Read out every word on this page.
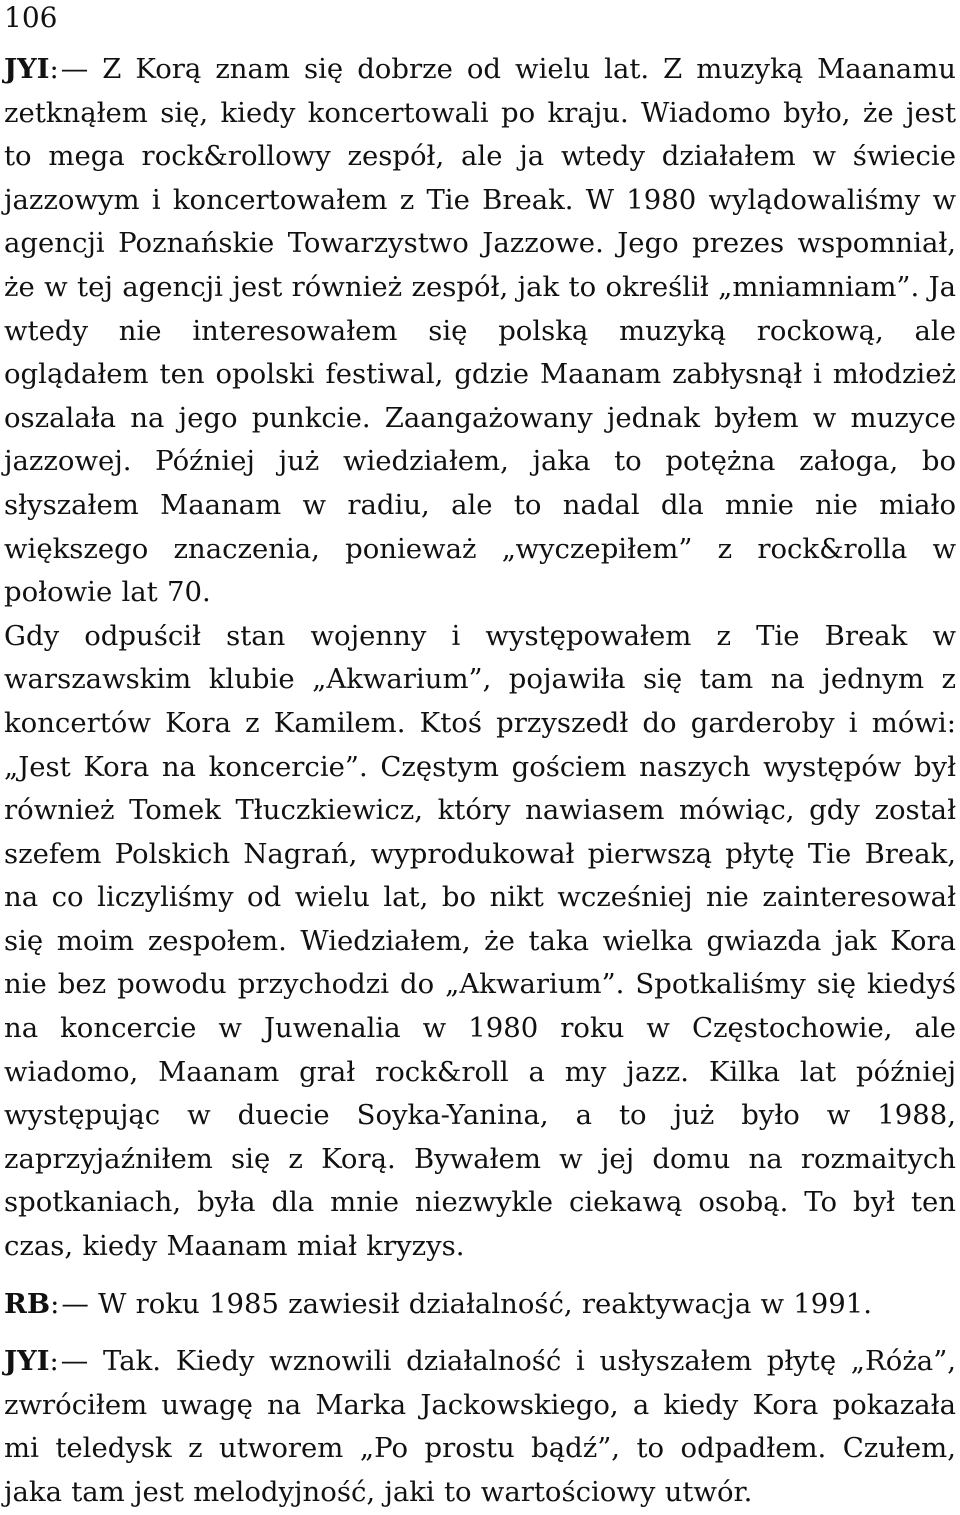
106

JYI:— Z Korą znam się dobrze od wielu lat. Z muzyką Maanamu zetknąłem się, kiedy koncertowali po kraju. Wiadomo było, że jest to mega rock&rollowy zespół, ale ja wtedy działałem w świecie jazzowym i koncertowałem z Tie Break. W 1980 wylądowaliśmy w agencji Poznańskie Towarzystwo Jazzowe. Jego prezes wspomniał, że w tej agencji jest również zespół, jak to określił „mniamniam”. Ja wtedy nie interesowałem się polską muzyką rockową, ale oglądałem ten opolski festiwal, gdzie Maanam zabłysnął i młodzież oszalała na jego punkcie. Zaangażowany jednak byłem w muzyce jazzowej. Później już wiedziałem, jaka to potężna załoga, bo słyszałem Maanam w radiu, ale to nadal dla mnie nie miało większego znaczenia, ponieważ „wyczepiłem” z rock&rolla w połowie lat 70.

Gdy odpuścił stan wojenny i występowałem z Tie Break w warszawskim klubie „Akwarium”, pojawiła się tam na jednym z koncertów Kora z Kamilem. Ktoś przyszedł do garderoby i mówi: „Jest Kora na koncercie”. Częstym gościem naszych występów był również Tomek Tłuczkiewicz, który nawiasem mówiąc, gdy został szefem Polskich Nagrań, wyprodukował pierwszą płytę Tie Break, na co liczyliśmy od wielu lat, bo nikt wcześniej nie zainteresował się moim zespołem. Wiedziałem, że taka wielka gwiazda jak Kora nie bez powodu przychodzi do „Akwarium”. Spotkaliśmy się kiedyś na koncercie w Juwenalia w 1980 roku w Częstochowie, ale wiadomo, Maanam grał rock&roll a my jazz. Kilka lat później występując w duecie Soyka-Yanina, a to już było w 1988, zaprzyjaźniłem się z Korą. Bywałem w jej domu na rozmaitych spotkaniach, była dla mnie niezwykle ciekawą osobą. To był ten czas, kiedy Maanam miał kryzys.

RB:— W roku 1985 zawiesił działalność, reaktywacja w 1991.

JYI:— Tak. Kiedy wznowili działalność i usłyszałem płytę „Róża”, zwróciłem uwagę na Marka Jackowskiego, a kiedy Kora pokazała mi teledysk z utworem „Po prostu bądź”, to odpadłem. Czułem, jaka tam jest melodyjność, jaki to wartościowy utwór.
